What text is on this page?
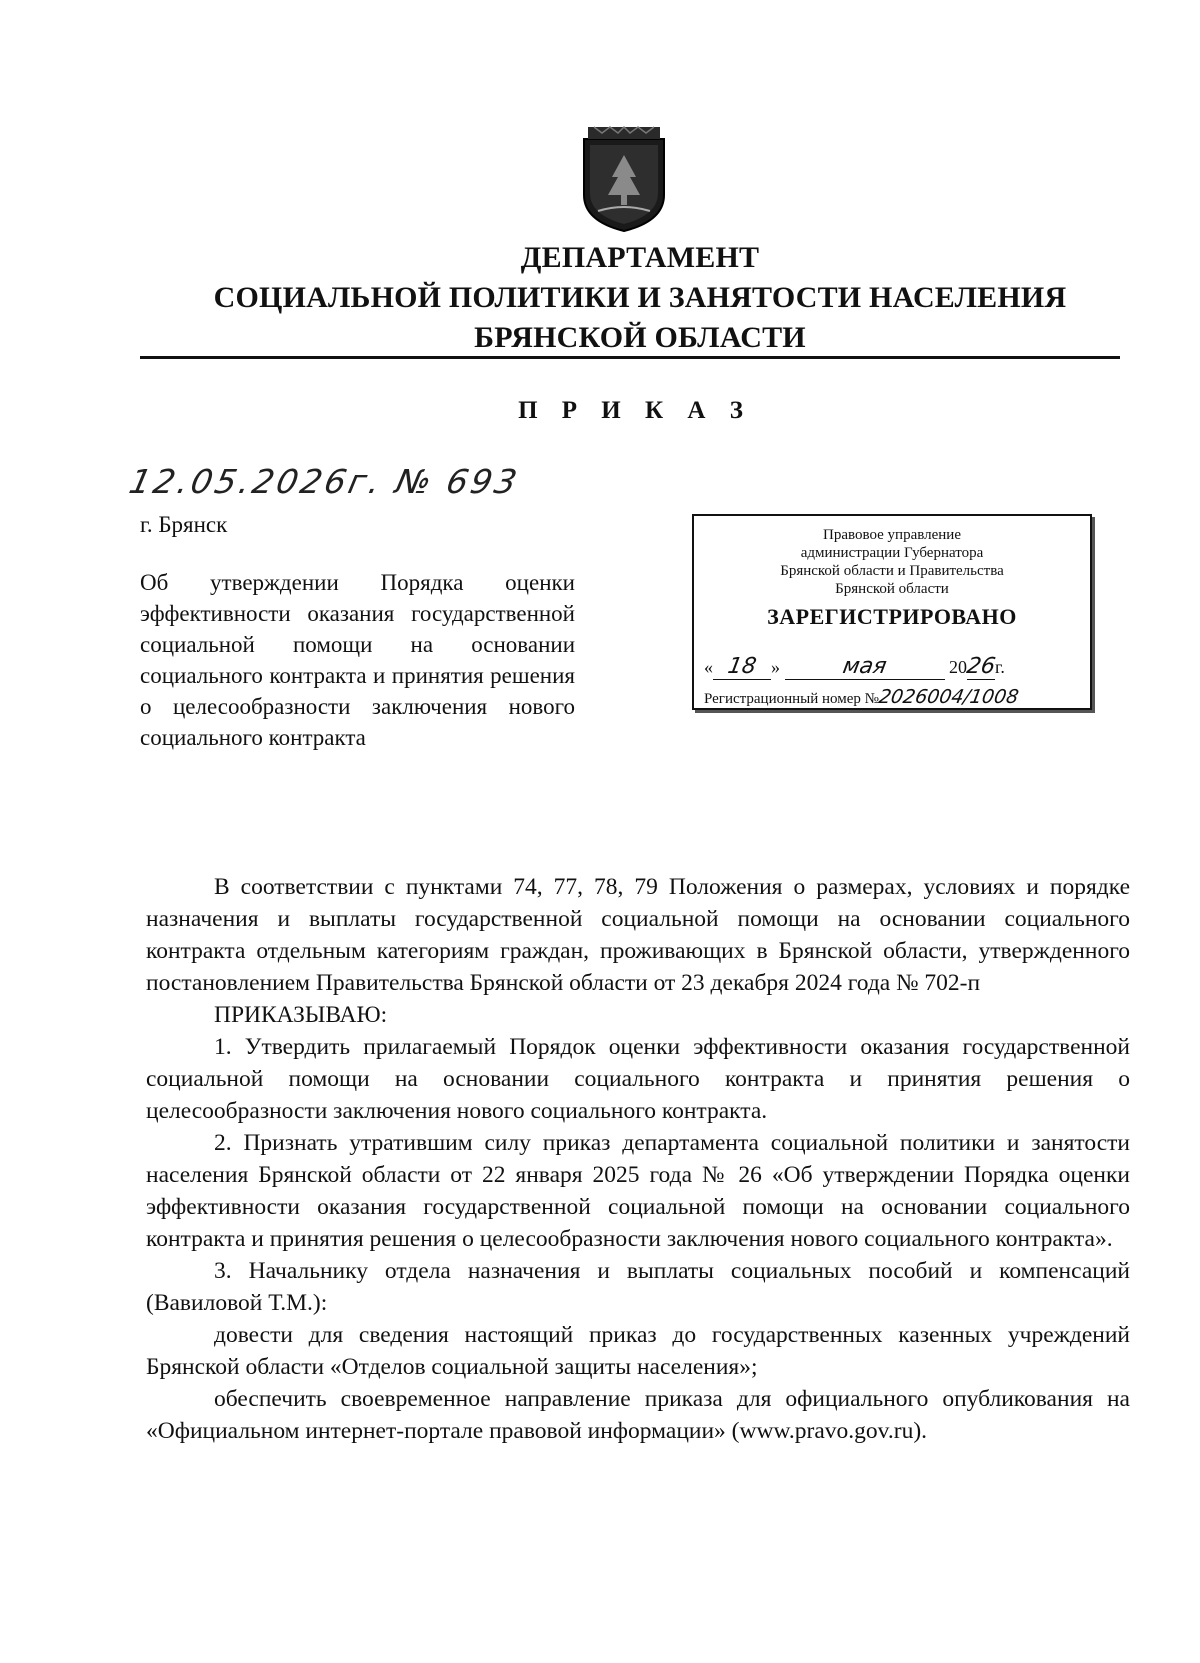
ДЕПАРТАМЕНТ
СОЦИАЛЬНОЙ ПОЛИТИКИ И ЗАНЯТОСТИ НАСЕЛЕНИЯ
БРЯНСКОЙ ОБЛАСТИ
П Р И К А З
12.05.2026г. № 693
г. Брянск
Об утверждении Порядка оценки эффективности оказания государственной социальной помощи на основании социального контракта и принятия решения о целесообразности заключения нового социального контракта
Правовое управление
администрации Губернатора
Брянской области и Правительства
Брянской области
ЗАРЕГИСТРИРОВАНО
« 18 »	мая	2026г.
Регистрационный номер №2026004/1008

В соответствии с пунктами 74, 77, 78, 79 Положения о размерах, условиях и порядке назначения и выплаты государственной социальной помощи на основании социального контракта отдельным категориям граждан, проживающих в Брянской области, утвержденного постановлением Правительства Брянской области от 23 декабря 2024 года № 702-п

ПРИКАЗЫВАЮ:

1. Утвердить прилагаемый Порядок оценки эффективности оказания государственной социальной помощи на основании социального контракта и принятия решения о целесообразности заключения нового социального контракта.

2. Признать утратившим силу приказ департамента социальной политики и занятости населения Брянской области от 22 января 2025 года № 26 «Об утверждении Порядка оценки эффективности оказания государственной социальной помощи на основании социального контракта и принятия решения о целесообразности заключения нового социального контракта».

3. Начальнику отдела назначения и выплаты социальных пособий и компенсаций (Вавиловой Т.М.):

довести для сведения настоящий приказ до государственных казенных учреждений Брянской области «Отделов социальной защиты населения»;

обеспечить своевременное направление приказа для официального опубликования на «Официальном интернет-портале правовой информации» (www.pravo.gov.ru).
